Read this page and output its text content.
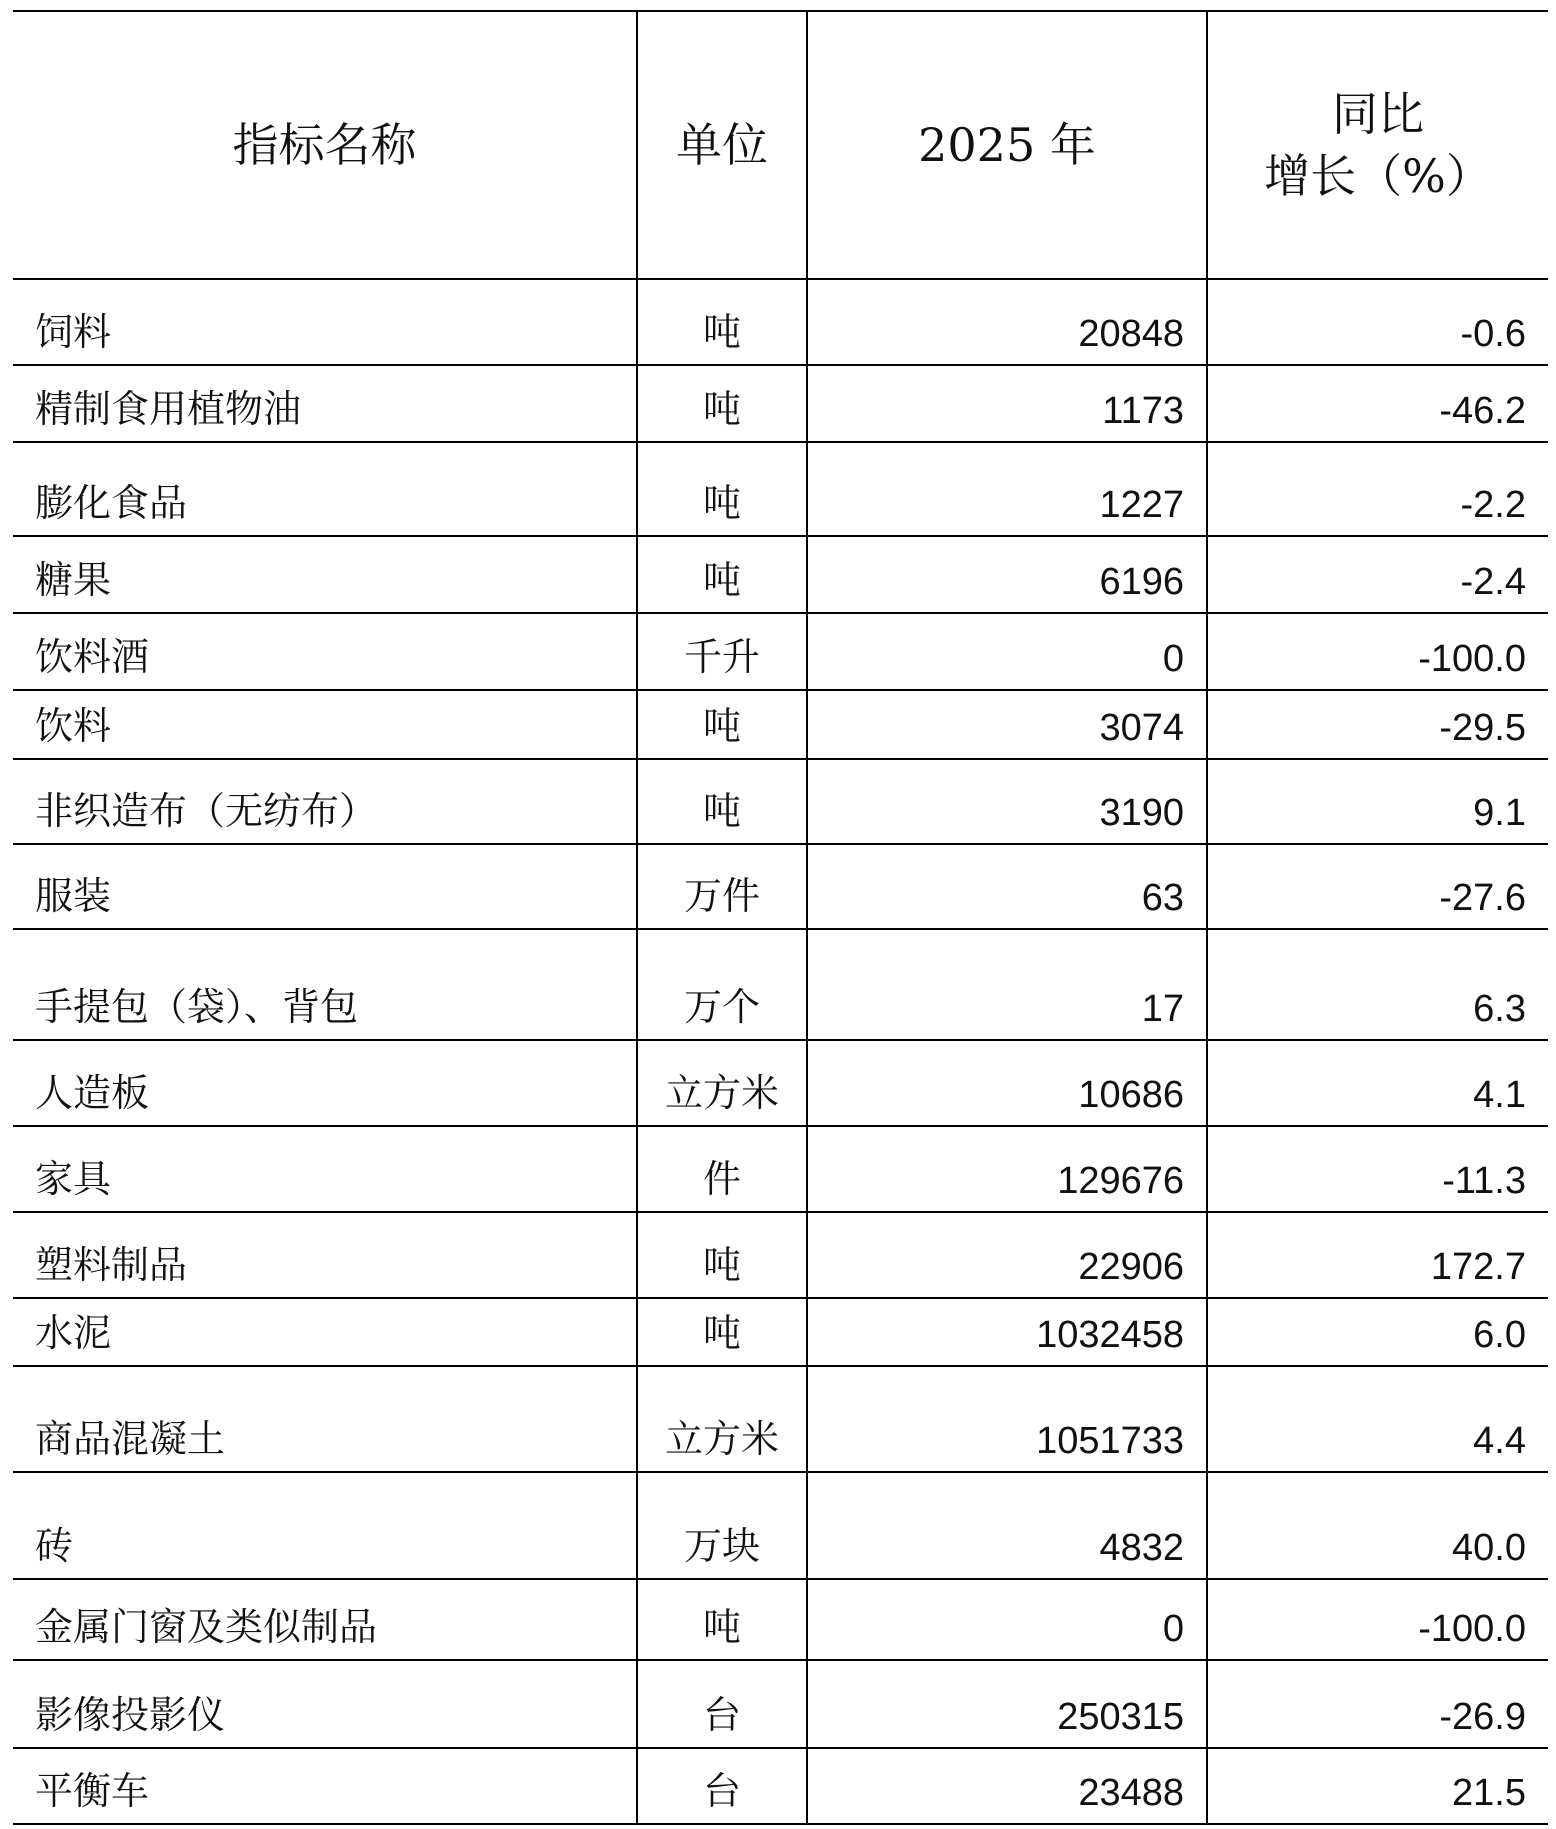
指标名称	单位	2025 年	同比
增长（%）

饲料	吨	20848	-0.6
精制食用植物油	吨	1173	-46.2
膨化食品	吨	1227	-2.2
糖果	吨	6196	-2.4
饮料酒	千升	0	-100.0
饮料	吨	3074	-29.5
非织造布（无纺布）	吨	3190	9.1
服装	万件	63	-27.6
手提包（袋）、背包	万个	17	6.3
人造板	立方米	10686	4.1
家具	件	129676	-11.3
塑料制品	吨	22906	172.7
水泥	吨	1032458	6.0
商品混凝土	立方米	1051733	4.4
砖	万块	4832	40.0
金属门窗及类似制品	吨	0	-100.0
影像投影仪	台	250315	-26.9
平衡车	台	23488	21.5
